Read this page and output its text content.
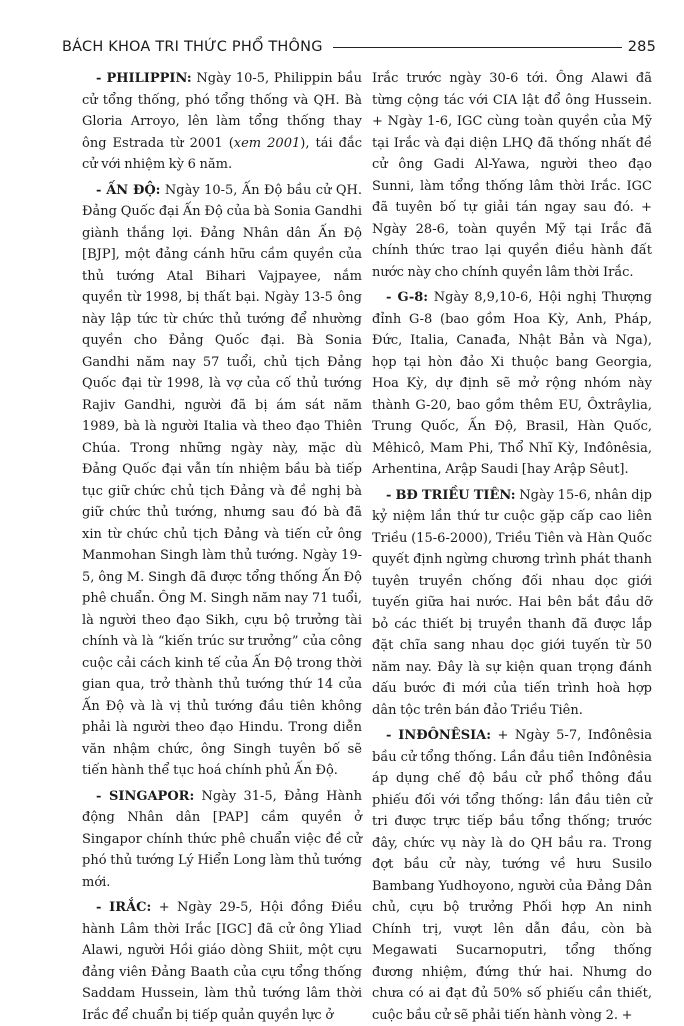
BÁCH KHOA TRI THỨC PHỔ THÔNG	285

- PHILIPPIN: Ngày 10-5, Philippin bầu cử tổng thống, phó tổng thống và QH. Bà Gloria Arroyo, lên làm tổng thống thay ông Estrada từ 2001 (xem 2001), tái đắc cử với nhiệm kỳ 6 năm.

- ẤN ĐỘ: Ngày 10-5, Ấn Độ bầu cử QH. Đảng Quốc đại Ấn Độ của bà Sonia Gandhi giành thắng lợi. Đảng Nhân dân Ấn Độ [BJP], một đảng cánh hữu cầm quyền của thủ tướng Atal Bihari Vajpayee, nắm quyền từ 1998, bị thất bại. Ngày 13-5 ông này lập tức từ chức thủ tướng để nhường quyền cho Đảng Quốc đại. Bà Sonia Gandhi năm nay 57 tuổi, chủ tịch Đảng Quốc đại từ 1998, là vợ của cố thủ tướng Rajiv Gandhi, người đã bị ám sát năm 1989, bà là người Italia và theo đạo Thiên Chúa. Trong những ngày này, mặc dù Đảng Quốc đại vẫn tín nhiệm bầu bà tiếp tục giữ chức chủ tịch Đảng và đề nghị bà giữ chức thủ tướng, nhưng sau đó bà đã xin từ chức chủ tịch Đảng và tiến cử ông Manmohan Singh làm thủ tướng. Ngày 19-5, ông M. Singh đã được tổng thống Ấn Độ phê chuẩn. Ông M. Singh năm nay 71 tuổi, là người theo đạo Sikh, cựu bộ trưởng tài chính và là “kiến trúc sư trưởng” của công cuộc cải cách kinh tế của Ấn Độ trong thời gian qua, trở thành thủ tướng thứ 14 của Ấn Độ và là vị thủ tướng đầu tiên không phải là người theo đạo Hindu. Trong diễn văn nhậm chức, ông Singh tuyên bố sẽ tiến hành thể tục hoá chính phủ Ấn Độ.

- SINGAPOR: Ngày 31-5, Đảng Hành động Nhân dân [PAP] cầm quyền ở Singapor chính thức phê chuẩn việc đề cử phó thủ tướng Lý Hiển Long làm thủ tướng mới.

- IRẮC: + Ngày 29-5, Hội đồng Điều hành Lâm thời Irắc [IGC] đã cử ông Yliad Alawi, người Hồi giáo dòng Shiit, một cựu đảng viên Đảng Baath của cựu tổng thống Saddam Hussein, làm thủ tướng lâm thời Irắc để chuẩn bị tiếp quản quyền lực ở

Irắc trước ngày 30-6 tới. Ông Alawi đã từng cộng tác với CIA lật đổ ông Hussein. + Ngày 1-6, IGC cùng toàn quyền của Mỹ tại Irắc và đại diện LHQ đã thống nhất đề cử ông Gadi Al-Yawa, người theo đạo Sunni, làm tổng thống lâm thời Irắc. IGC đã tuyên bố tự giải tán ngay sau đó. + Ngày 28-6, toàn quyền Mỹ tại Irắc đã chính thức trao lại quyền điều hành đất nước này cho chính quyền lâm thời Irắc.

- G-8: Ngày 8,9,10-6, Hội nghị Thượng đỉnh G-8 (bao gồm Hoa Kỳ, Anh, Pháp, Đức, Italia, Canađa, Nhật Bản và Nga), họp tại hòn đảo Xi thuộc bang Georgia, Hoa Kỳ, dự định sẽ mở rộng nhóm này thành G-20, bao gồm thêm EU, Ôxtrâylia, Trung Quốc, Ấn Độ, Brasil, Hàn Quốc, Mêhicô, Mam Phi, Thổ Nhĩ Kỳ, Inđônêsia, Arhentina, Arập Saudi [hay Arập Sêut].

- BĐ TRIỀU TIÊN: Ngày 15-6, nhân dịp kỷ niệm lần thứ tư cuộc gặp cấp cao liên Triều (15-6-2000), Triều Tiên và Hàn Quốc quyết định ngừng chương trình phát thanh tuyên truyền chống đối nhau dọc giới tuyến giữa hai nước. Hai bên bắt đầu dỡ bỏ các thiết bị truyền thanh đã được lắp đặt chĩa sang nhau dọc giới tuyến từ 50 năm nay. Đây là sự kiện quan trọng đánh dấu bước đi mới của tiến trình hoà hợp dân tộc trên bán đảo Triều Tiên.

- INĐÔNÊSIA: + Ngày 5-7, Inđônêsia bầu cử tổng thống. Lần đầu tiên Inđônêsia áp dụng chế độ bầu cử phổ thông đầu phiếu đối với tổng thống: lần đầu tiên cử tri được trực tiếp bầu tổng thống; trước đây, chức vụ này là do QH bầu ra. Trong đợt bầu cử này, tướng về hưu Susilo Bambang Yudhoyono, người của Đảng Dân chủ, cựu bộ trưởng Phối hợp An ninh Chính trị, vượt lên dẫn đầu, còn bà Megawati Sucarnoputri, tổng thống đương nhiệm, đứng thứ hai. Nhưng do chưa có ai đạt đủ 50% số phiếu cần thiết, cuộc bầu cử sẽ phải tiến hành vòng 2. +
